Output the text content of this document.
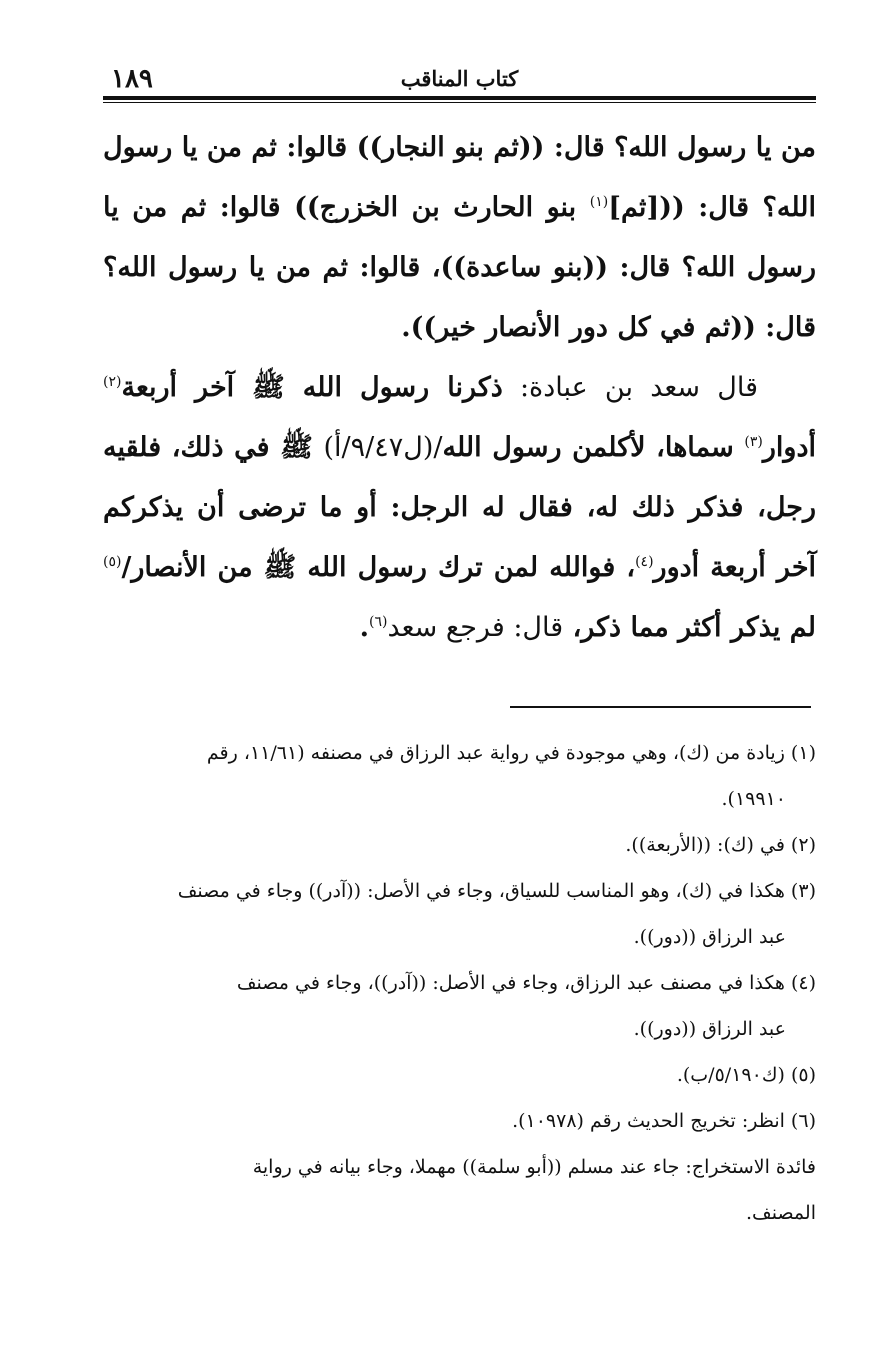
١٨٩	كتاب المناقب

من يا رسول الله؟ قال: ((ثم بنو النجار)) قالوا: ثم من يا رسول الله؟ قال: (([ثم]$^{(١)}$ بنو الحارث بن الخزرج)) قالوا: ثم من يا رسول الله؟ قال: ((بنو ساعدة))، قالوا: ثم من يا رسول الله؟ قال: ((ثم في كل دور الأنصار خير)).

قال سعد بن عبادة: ذكرنا رسول الله ﷺ آخر أربعة$^{(٢)}$ أدوار$^{(٣)}$ سماها، لأكلمن رسول الله/(ل٩/٤٧/أ) ﷺ في ذلك، فلقيه رجل، فذكر ذلك له، فقال له الرجل: أو ما ترضى أن يذكركم آخر أربعة أدور$^{(٤)}$، فوالله لمن ترك رسول الله ﷺ من الأنصار/$^{(٥)}$ لم يذكر أكثر مما ذكر، قال: فرجع سعد$^{(٦)}$.

(١) زيادة من (ك)، وهي موجودة في رواية عبد الرزاق في مصنفه (١١/٦١، رقم

١٩٩١٠).

(٢) في (ك): ((الأربعة)).

(٣) هكذا في (ك)، وهو المناسب للسياق، وجاء في الأصل: ((آدر)) وجاء في مصنف

عبد الرزاق ((دور)).

(٤) هكذا في مصنف عبد الرزاق، وجاء في الأصل: ((آدر))، وجاء في مصنف

عبد الرزاق ((دور)).

(٥) (ك٥/١٩٠/ب).

(٦) انظر: تخريج الحديث رقم (١٠٩٧٨).

فائدة الاستخراج: جاء عند مسلم ((أبو سلمة)) مهملا، وجاء بيانه في رواية

المصنف.
